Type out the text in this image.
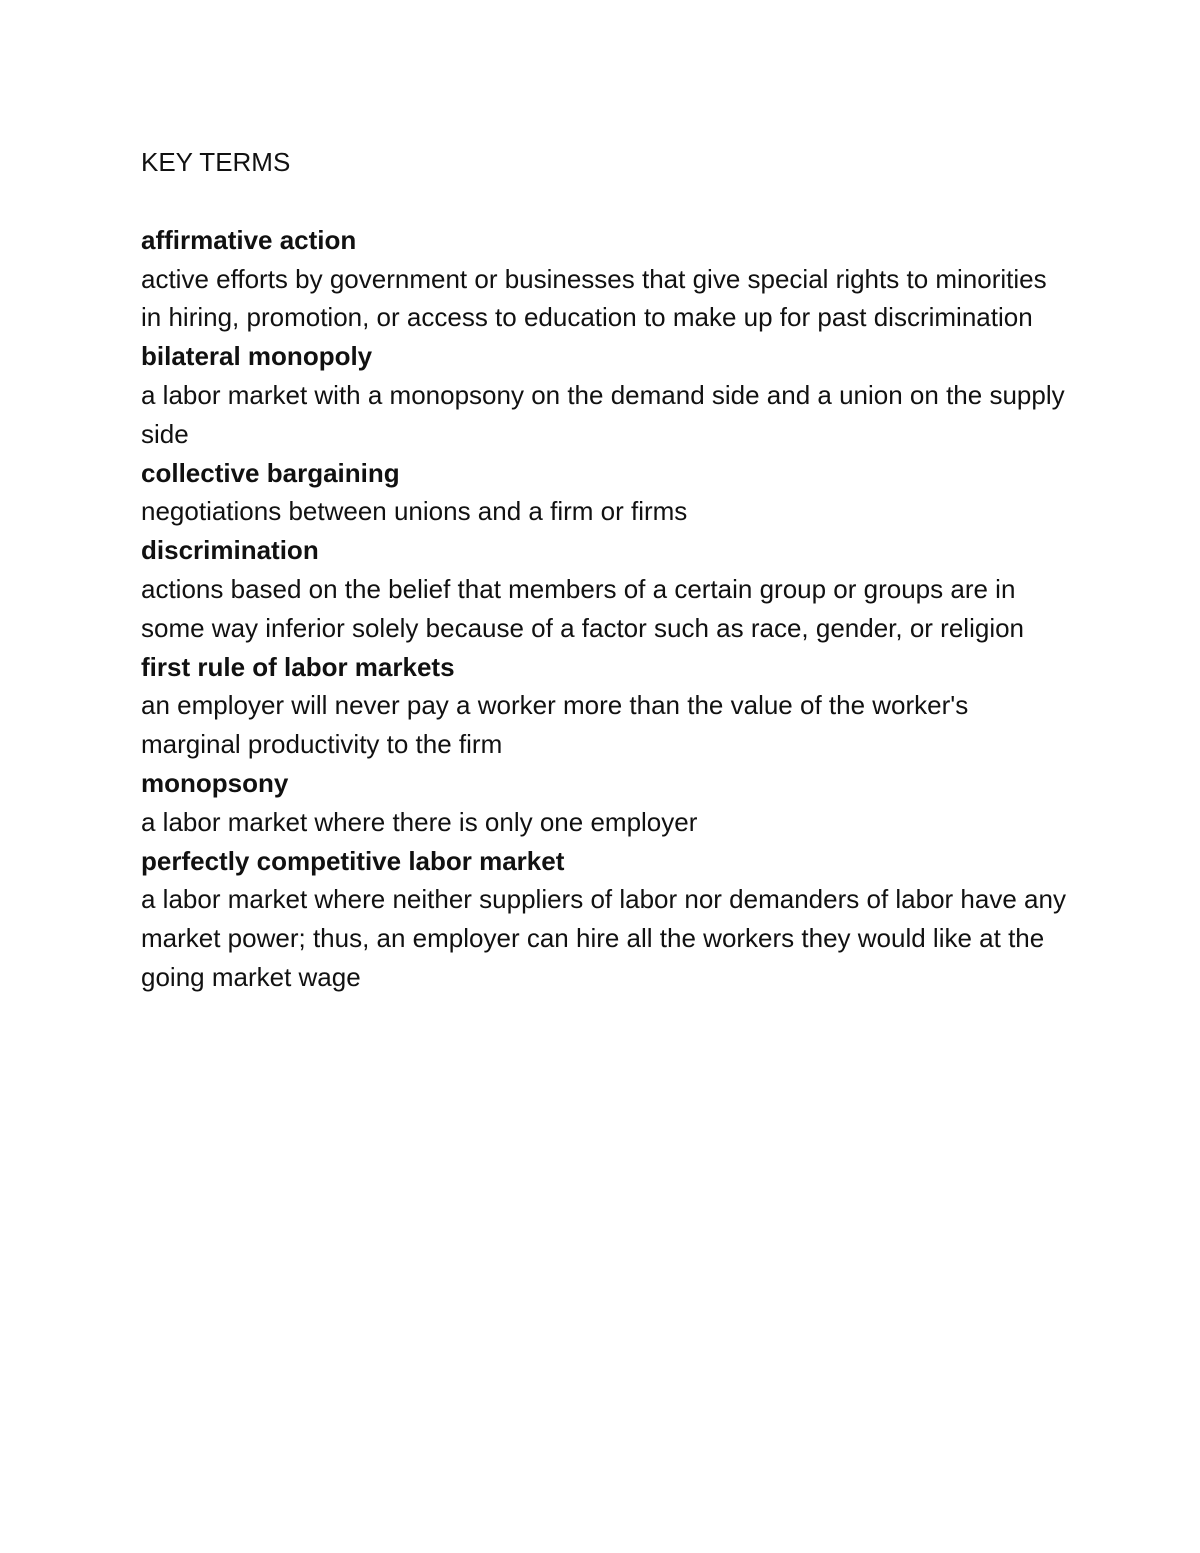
KEY TERMS

affirmative action

active efforts by government or businesses that give special rights to minorities in hiring, promotion, or access to education to make up for past discrimination

bilateral monopoly

a labor market with a monopsony on the demand side and a union on the supply side

collective bargaining

negotiations between unions and a firm or firms

discrimination

actions based on the belief that members of a certain group or groups are in some way inferior solely because of a factor such as race, gender, or religion

first rule of labor markets

an employer will never pay a worker more than the value of the worker's marginal productivity to the firm

monopsony

a labor market where there is only one employer

perfectly competitive labor market

a labor market where neither suppliers of labor nor demanders of labor have any market power; thus, an employer can hire all the workers they would like at the going market wage
